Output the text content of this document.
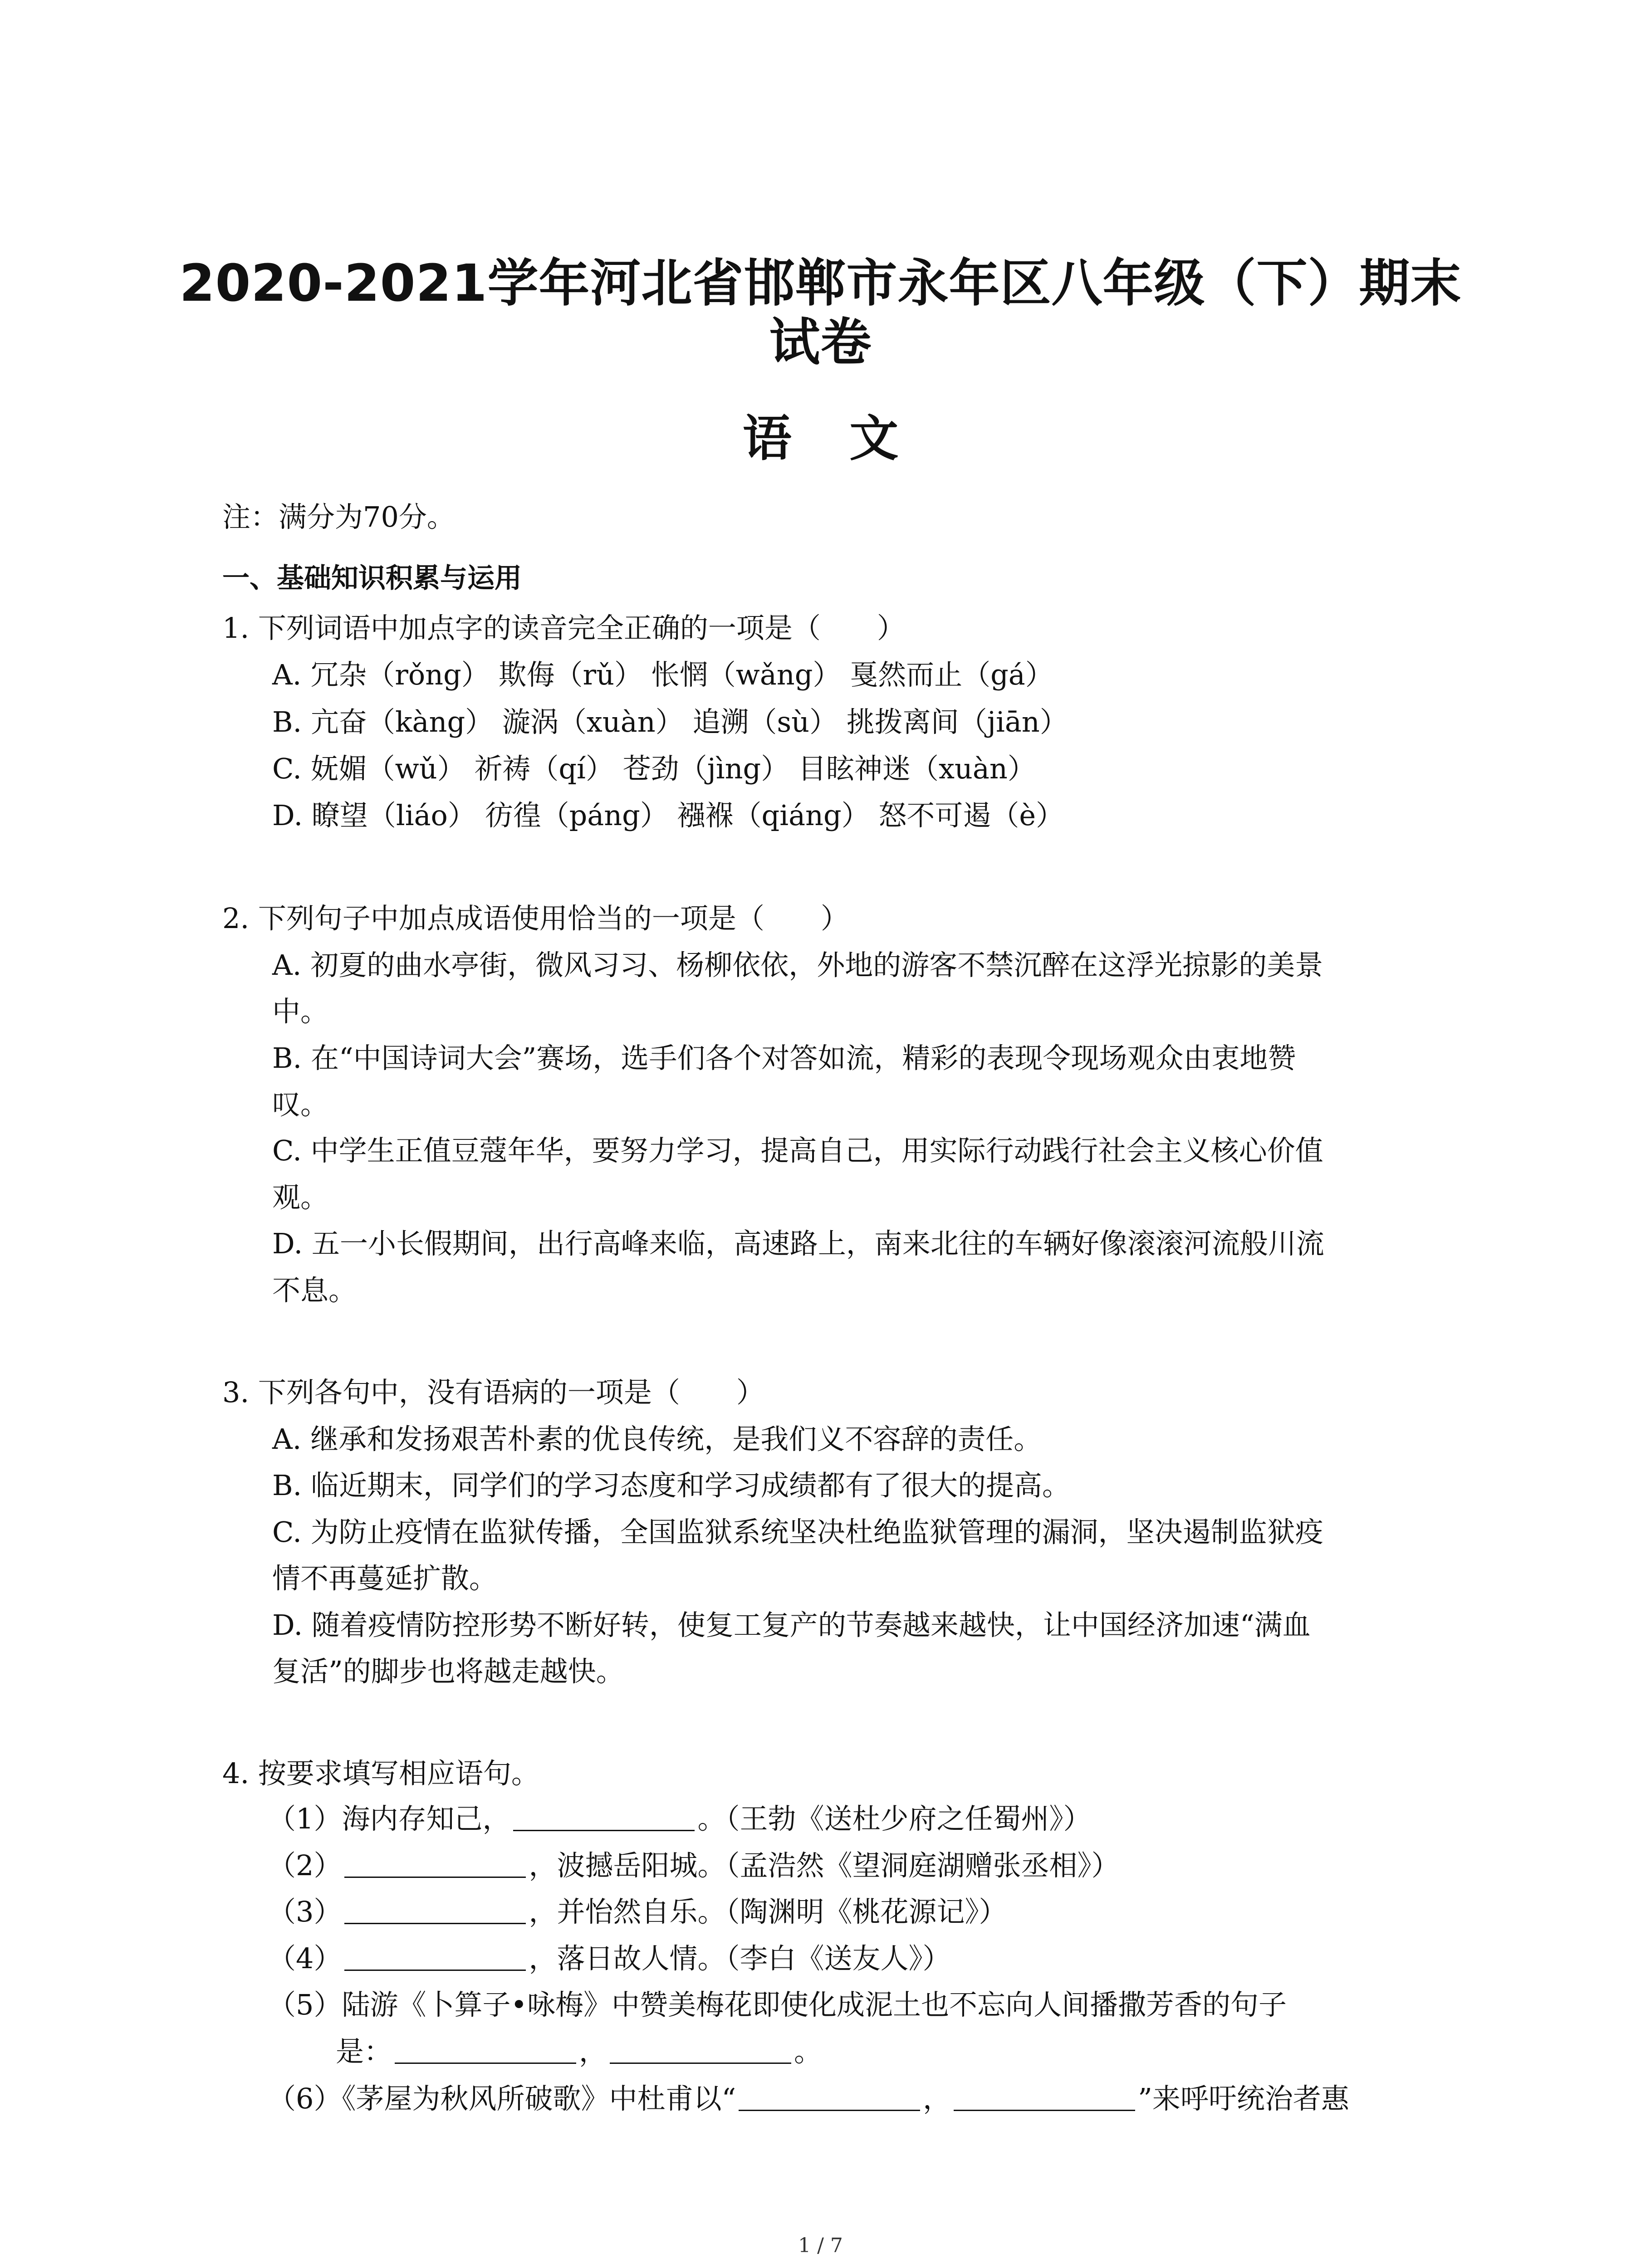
2020-2021学年河北省邯郸市永年区八年级（下）期末
试卷
语 文
注：满分为70分。
一、基础知识积累与运用
1. 下列词语中加点字的读音完全正确的一项是（　　）
A. 冗杂（rǒng） 欺侮（rǔ） 怅惘（wǎng） 戛然而止（gá）
B. 亢奋（kàng） 漩涡（xuàn） 追溯（sù） 挑拨离间（jiān）
C. 妩媚（wǔ） 祈祷（qí） 苍劲（jìng） 目眩神迷（xuàn）
D. 瞭望（liáo） 彷徨（páng） 襁褓（qiáng） 怒不可遏（è）
2. 下列句子中加点成语使用恰当的一项是（　　）
A. 初夏的曲水亭街，微风习习、杨柳依依，外地的游客不禁沉醉在这浮光掠影的美景
中。
B. 在“中国诗词大会”赛场，选手们各个对答如流，精彩的表现令现场观众由衷地赞
叹。
C. 中学生正值豆蔻年华，要努力学习，提高自己，用实际行动践行社会主义核心价值
观。
D. 五一小长假期间，出行高峰来临，高速路上，南来北往的车辆好像滚滚河流般川流
不息。
3. 下列各句中，没有语病的一项是（　　）
A. 继承和发扬艰苦朴素的优良传统，是我们义不容辞的责任。
B. 临近期末，同学们的学习态度和学习成绩都有了很大的提高。
C. 为防止疫情在监狱传播，全国监狱系统坚决杜绝监狱管理的漏洞，坚决遏制监狱疫
情不再蔓延扩散。
D. 随着疫情防控形势不断好转，使复工复产的节奏越来越快，让中国经济加速“满血
复活”的脚步也将越走越快。
4. 按要求填写相应语句。
（1）海内存知己，	。（王勃《送杜少府之任蜀州》）
（2）	，波撼岳阳城。（孟浩然《望洞庭湖赠张丞相》）
（3）	，并怡然自乐。（陶渊明《桃花源记》）
（4）	，落日故人情。（李白《送友人》）
（5）陆游《卜算子•咏梅》中赞美梅花即使化成泥土也不忘向人间播撒芳香的句子
是：	，	。
（6）《茅屋为秋风所破歌》中杜甫以“	，	”来呼吁统治者惠
1 / 7
